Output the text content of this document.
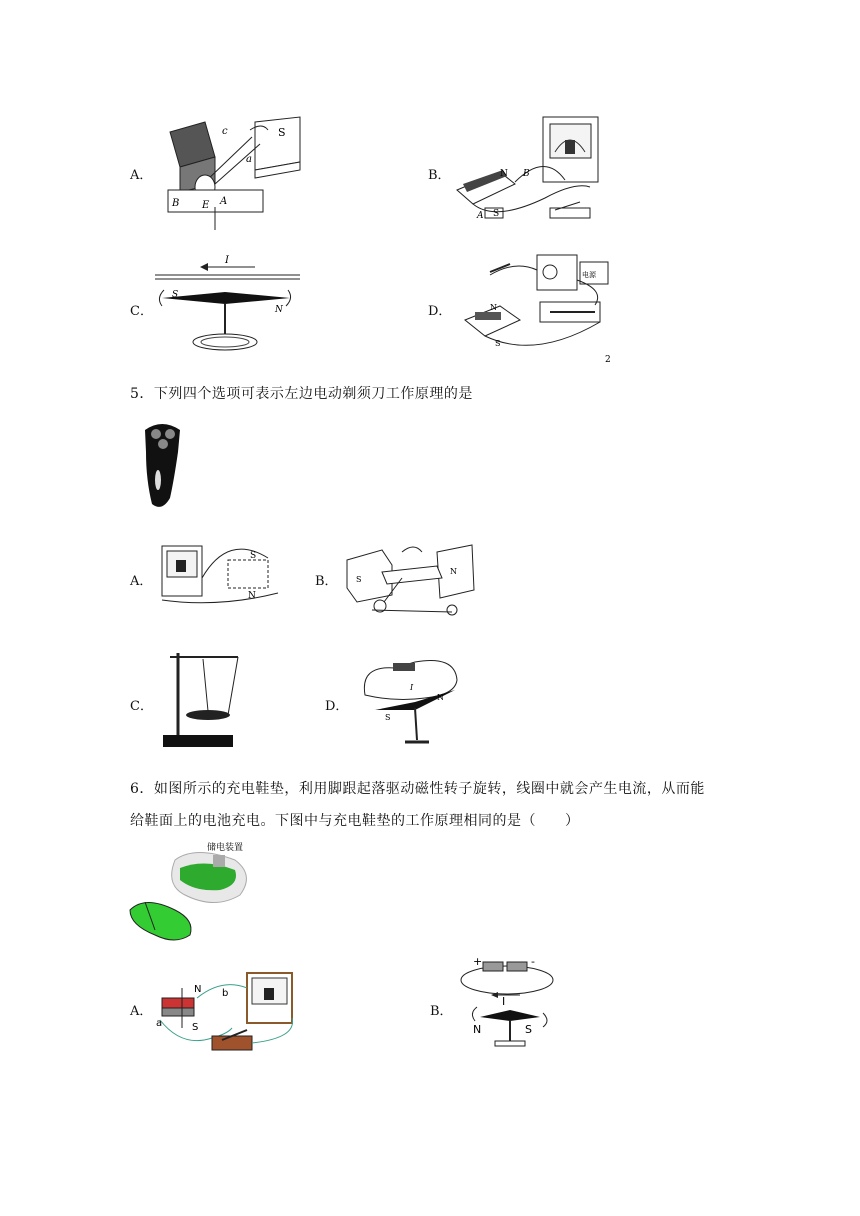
A．
S
c
a
B E A
B．	N B
A S
C．
I
S
N	D．	N
S
电源
2
5．下列四个选项可表示左边电动剃须刀工作原理的是
A．
S
N
B． S
N
C．	D．
I
N
S
6．如图所示的充电鞋垫，利用脚跟起落驱动磁性转子旋转，线圈中就会产生电流，从而能
给鞋面上的电池充电。下图中与充电鞋垫的工作原理相同的是（　　）
储电装置
A．
N b
a	S
B．
+	-
I
N	S
